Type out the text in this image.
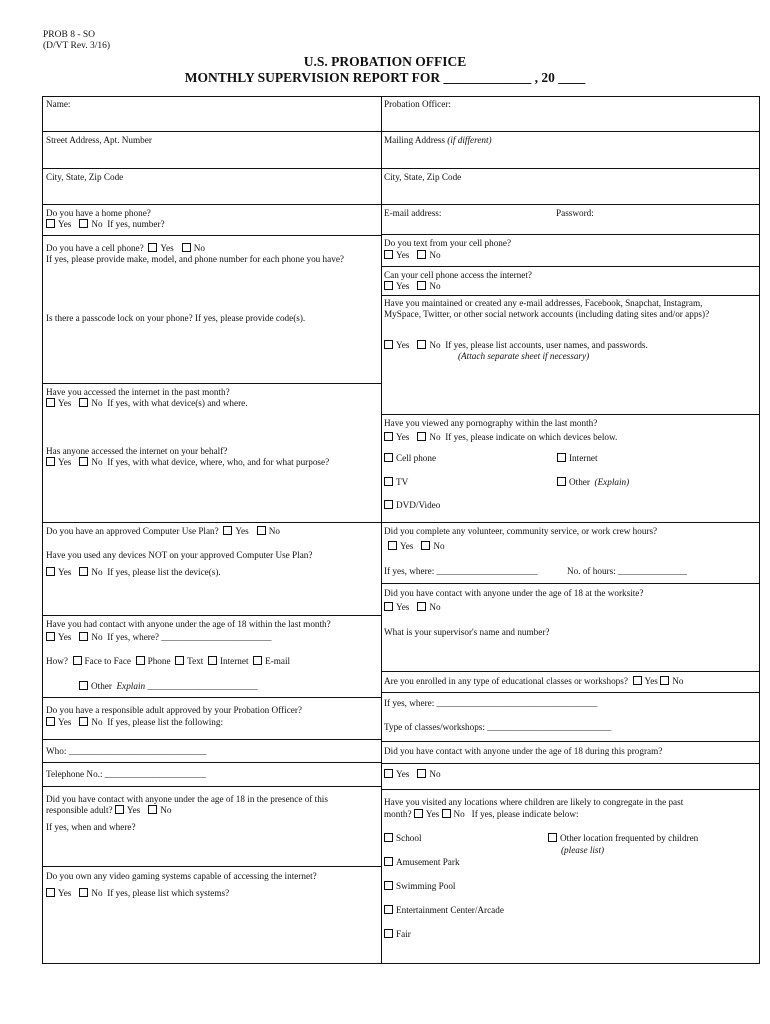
PROB 8 - SO
(D/VT Rev. 3/16)
U.S. PROBATION OFFICE
MONTHLY SUPERVISION REPORT FOR _____________ , 20 ____
Name:
Street Address, Apt. Number
City, State, Zip Code
Do you have a home phone?
Yes No If yes, number?
Do you have a cell phone? Yes No
If yes, please provide make, model, and phone number for each phone you have?
Is there a passcode lock on your phone? If yes, please provide code(s).
Have you accessed the internet in the past month?
Yes No If yes, with what device(s) and where.
Has anyone accessed the internet on your behalf?
Yes No If yes, with what device, where, who, and for what purpose?
Do you have an approved Computer Use Plan? Yes No
Have you used any devices NOT on your approved Computer Use Plan?
Yes No If yes, please list the device(s).
Have you had contact with anyone under the age of 18 within the last month?
Yes No If yes, where? ________________________
How? Face to Face Phone Text Internet E-mail
Other Explain ________________________
Do you have a responsible adult approved by your Probation Officer?
Yes No If yes, please list the following:
Who: ______________________________
Telephone No.: ______________________
Did you have contact with anyone under the age of 18 in the presence of this
responsible adult? Yes No
If yes, when and where?
Do you own any video gaming systems capable of accessing the internet?
Yes No If yes, please list which systems?
Probation Officer:
Mailing Address (if different)
City, State, Zip Code
E-mail address:	Password:
Do you text from your cell phone?
Yes No
Can your cell phone access the internet?
Yes No
Have you maintained or created any e-mail addresses, Facebook, Snapchat, Instagram, MySpace, Twitter, or other social network accounts (including dating sites and/or apps)?
Yes No If yes, please list accounts, user names, and passwords.
(Attach separate sheet if necessary)
Have you viewed any pornography within the last month?
Yes No If yes, please indicate on which devices below.
Cell phone	Internet
TV	Other (Explain)
DVD/Video
Did you complete any volunteer, community service, or work crew hours?
Yes No
If yes, where: ______________________	No. of hours: _______________
Did you have contact with anyone under the age of 18 at the worksite?
Yes No
What is your supervisor's name and number?
Are you enrolled in any type of educational classes or workshops? Yes No
If yes, where: ___________________________________
Type of classes/workshops: ___________________________
Did you have contact with anyone under the age of 18 during this program?
Yes No
Have you visited any locations where children are likely to congregate in the past
month? Yes No If yes, please indicate below:
School	Other location frequented by children
(please list)
Amusement Park
Swimming Pool
Entertainment Center/Arcade
Fair
